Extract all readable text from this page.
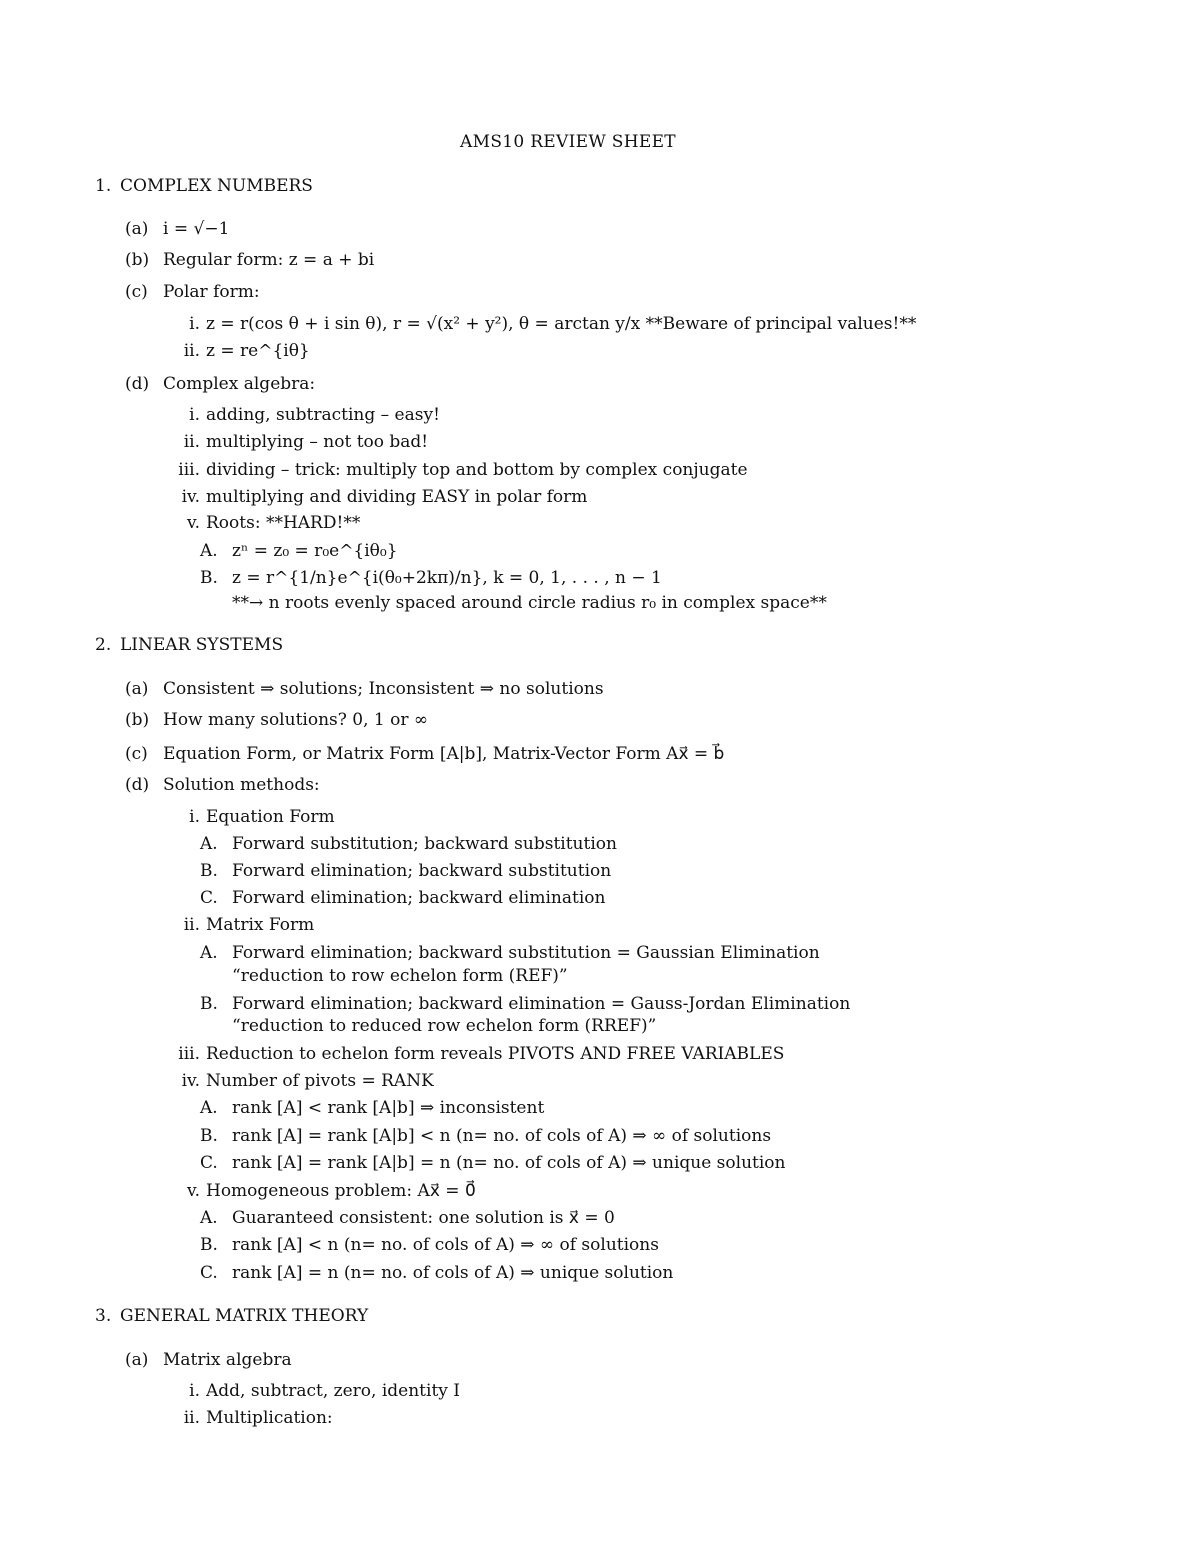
AMS10 REVIEW SHEET
1. COMPLEX NUMBERS
(a) i = √−1
(b) Regular form: z = a + bi
(c) Polar form:
i. z = r(cos θ + i sin θ), r = √(x² + y²), θ = arctan y/x **Beware of principal values!**
ii. z = re^{iθ}
(d) Complex algebra:
i. adding, subtracting – easy!
ii. multiplying – not too bad!
iii. dividing – trick: multiply top and bottom by complex conjugate
iv. multiplying and dividing EASY in polar form
v. Roots: **HARD!**
A. zⁿ = z₀ = r₀e^{iθ₀}
B. z = r^{1/n}e^{i(θ₀+2kπ)/n}, k = 0, 1, . . . , n − 1
**→ n roots evenly spaced around circle radius r₀ in complex space**
2. LINEAR SYSTEMS
(a) Consistent ⇒ solutions; Inconsistent ⇒ no solutions
(b) How many solutions? 0, 1 or ∞
(c) Equation Form, or Matrix Form [A|b], Matrix-Vector Form Ax⃗ = b⃗
(d) Solution methods:
i. Equation Form
A. Forward substitution; backward substitution
B. Forward elimination; backward substitution
C. Forward elimination; backward elimination
ii. Matrix Form
A. Forward elimination; backward substitution = Gaussian Elimination
“reduction to row echelon form (REF)”
B. Forward elimination; backward elimination = Gauss-Jordan Elimination
“reduction to reduced row echelon form (RREF)”
iii. Reduction to echelon form reveals PIVOTS AND FREE VARIABLES
iv. Number of pivots = RANK
A. rank [A] < rank [A|b] ⇒ inconsistent
B. rank [A] = rank [A|b] < n (n= no. of cols of A) ⇒ ∞ of solutions
C. rank [A] = rank [A|b] = n (n= no. of cols of A) ⇒ unique solution
v. Homogeneous problem: Ax⃗ = 0⃗
A. Guaranteed consistent: one solution is x⃗ = 0
B. rank [A] < n (n= no. of cols of A) ⇒ ∞ of solutions
C. rank [A] = n (n= no. of cols of A) ⇒ unique solution
3. GENERAL MATRIX THEORY
(a) Matrix algebra
i. Add, subtract, zero, identity I
ii. Multiplication:
